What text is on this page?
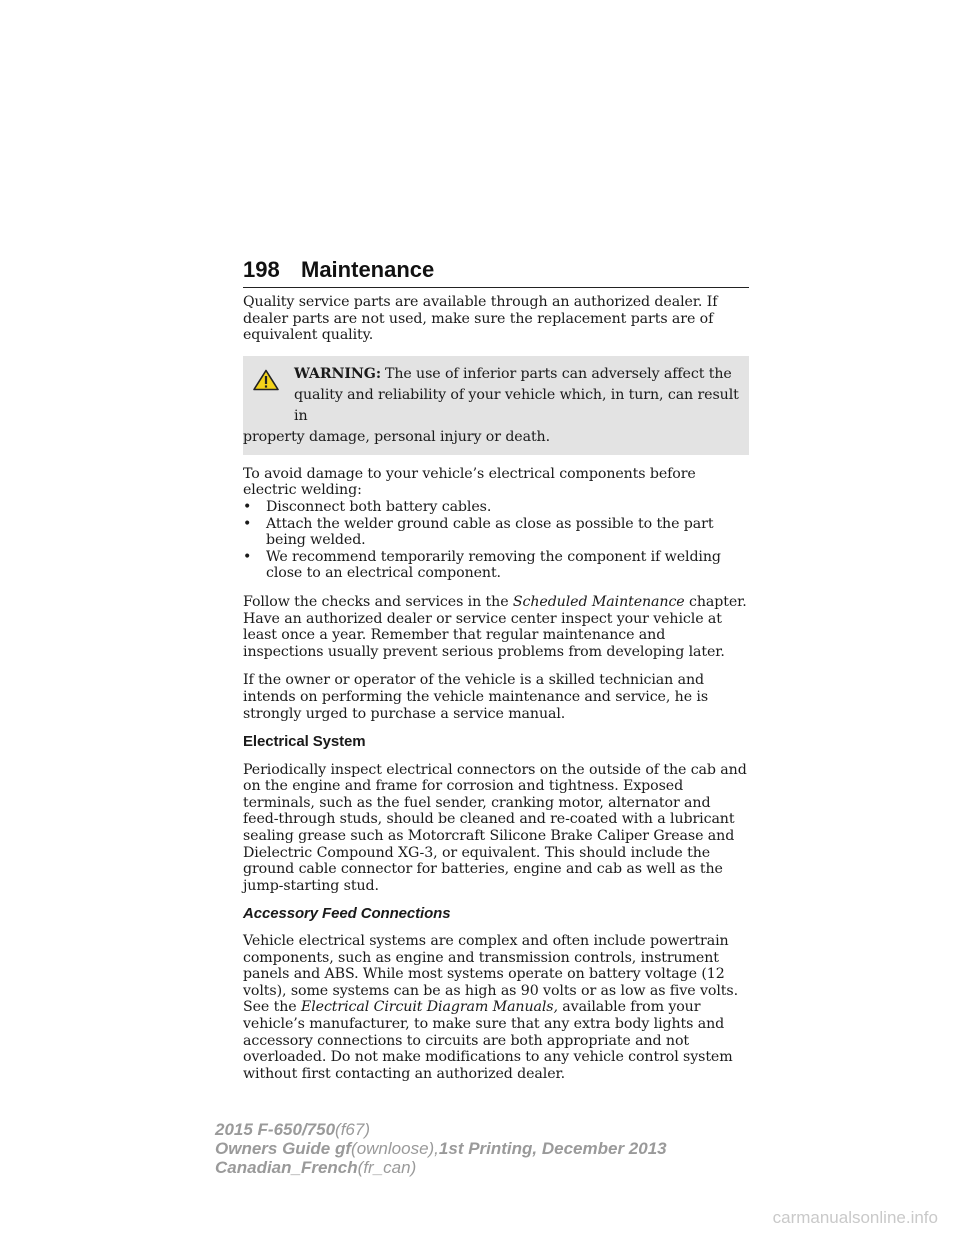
198 Maintenance

Quality service parts are available through an authorized dealer. If dealer parts are not used, make sure the replacement parts are of equivalent quality.

WARNING: The use of inferior parts can adversely affect the
quality and reliability of your vehicle which, in turn, can result in
property damage, personal injury or death.
To avoid damage to your vehicle’s electrical components before electric welding:
• Disconnect both battery cables.
• Attach the welder ground cable as close as possible to the part being welded.
• We recommend temporarily removing the component if welding close to an electrical component.

Follow the checks and services in the Scheduled Maintenance chapter. Have an authorized dealer or service center inspect your vehicle at least once a year. Remember that regular maintenance and inspections usually prevent serious problems from developing later.

If the owner or operator of the vehicle is a skilled technician and intends on performing the vehicle maintenance and service, he is strongly urged to purchase a service manual.

Electrical System

Periodically inspect electrical connectors on the outside of the cab and on the engine and frame for corrosion and tightness. Exposed terminals, such as the fuel sender, cranking motor, alternator and feed-through studs, should be cleaned and re-coated with a lubricant sealing grease such as Motorcraft Silicone Brake Caliper Grease and Dielectric Compound XG-3, or equivalent. This should include the ground cable connector for batteries, engine and cab as well as the jump-starting stud.

Accessory Feed Connections

Vehicle electrical systems are complex and often include powertrain components, such as engine and transmission controls, instrument panels and ABS. While most systems operate on battery voltage (12 volts), some systems can be as high as 90 volts or as low as five volts. See the Electrical Circuit Diagram Manuals, available from your vehicle’s manufacturer, to make sure that any extra body lights and accessory connections to circuits are both appropriate and not overloaded. Do not make modifications to any vehicle control system without first contacting an authorized dealer.

2015 F-650/750(f67)
Owners Guide gf(ownloose),1st Printing, December 2013
Canadian_French(fr_can)
carmanualsonline.info
